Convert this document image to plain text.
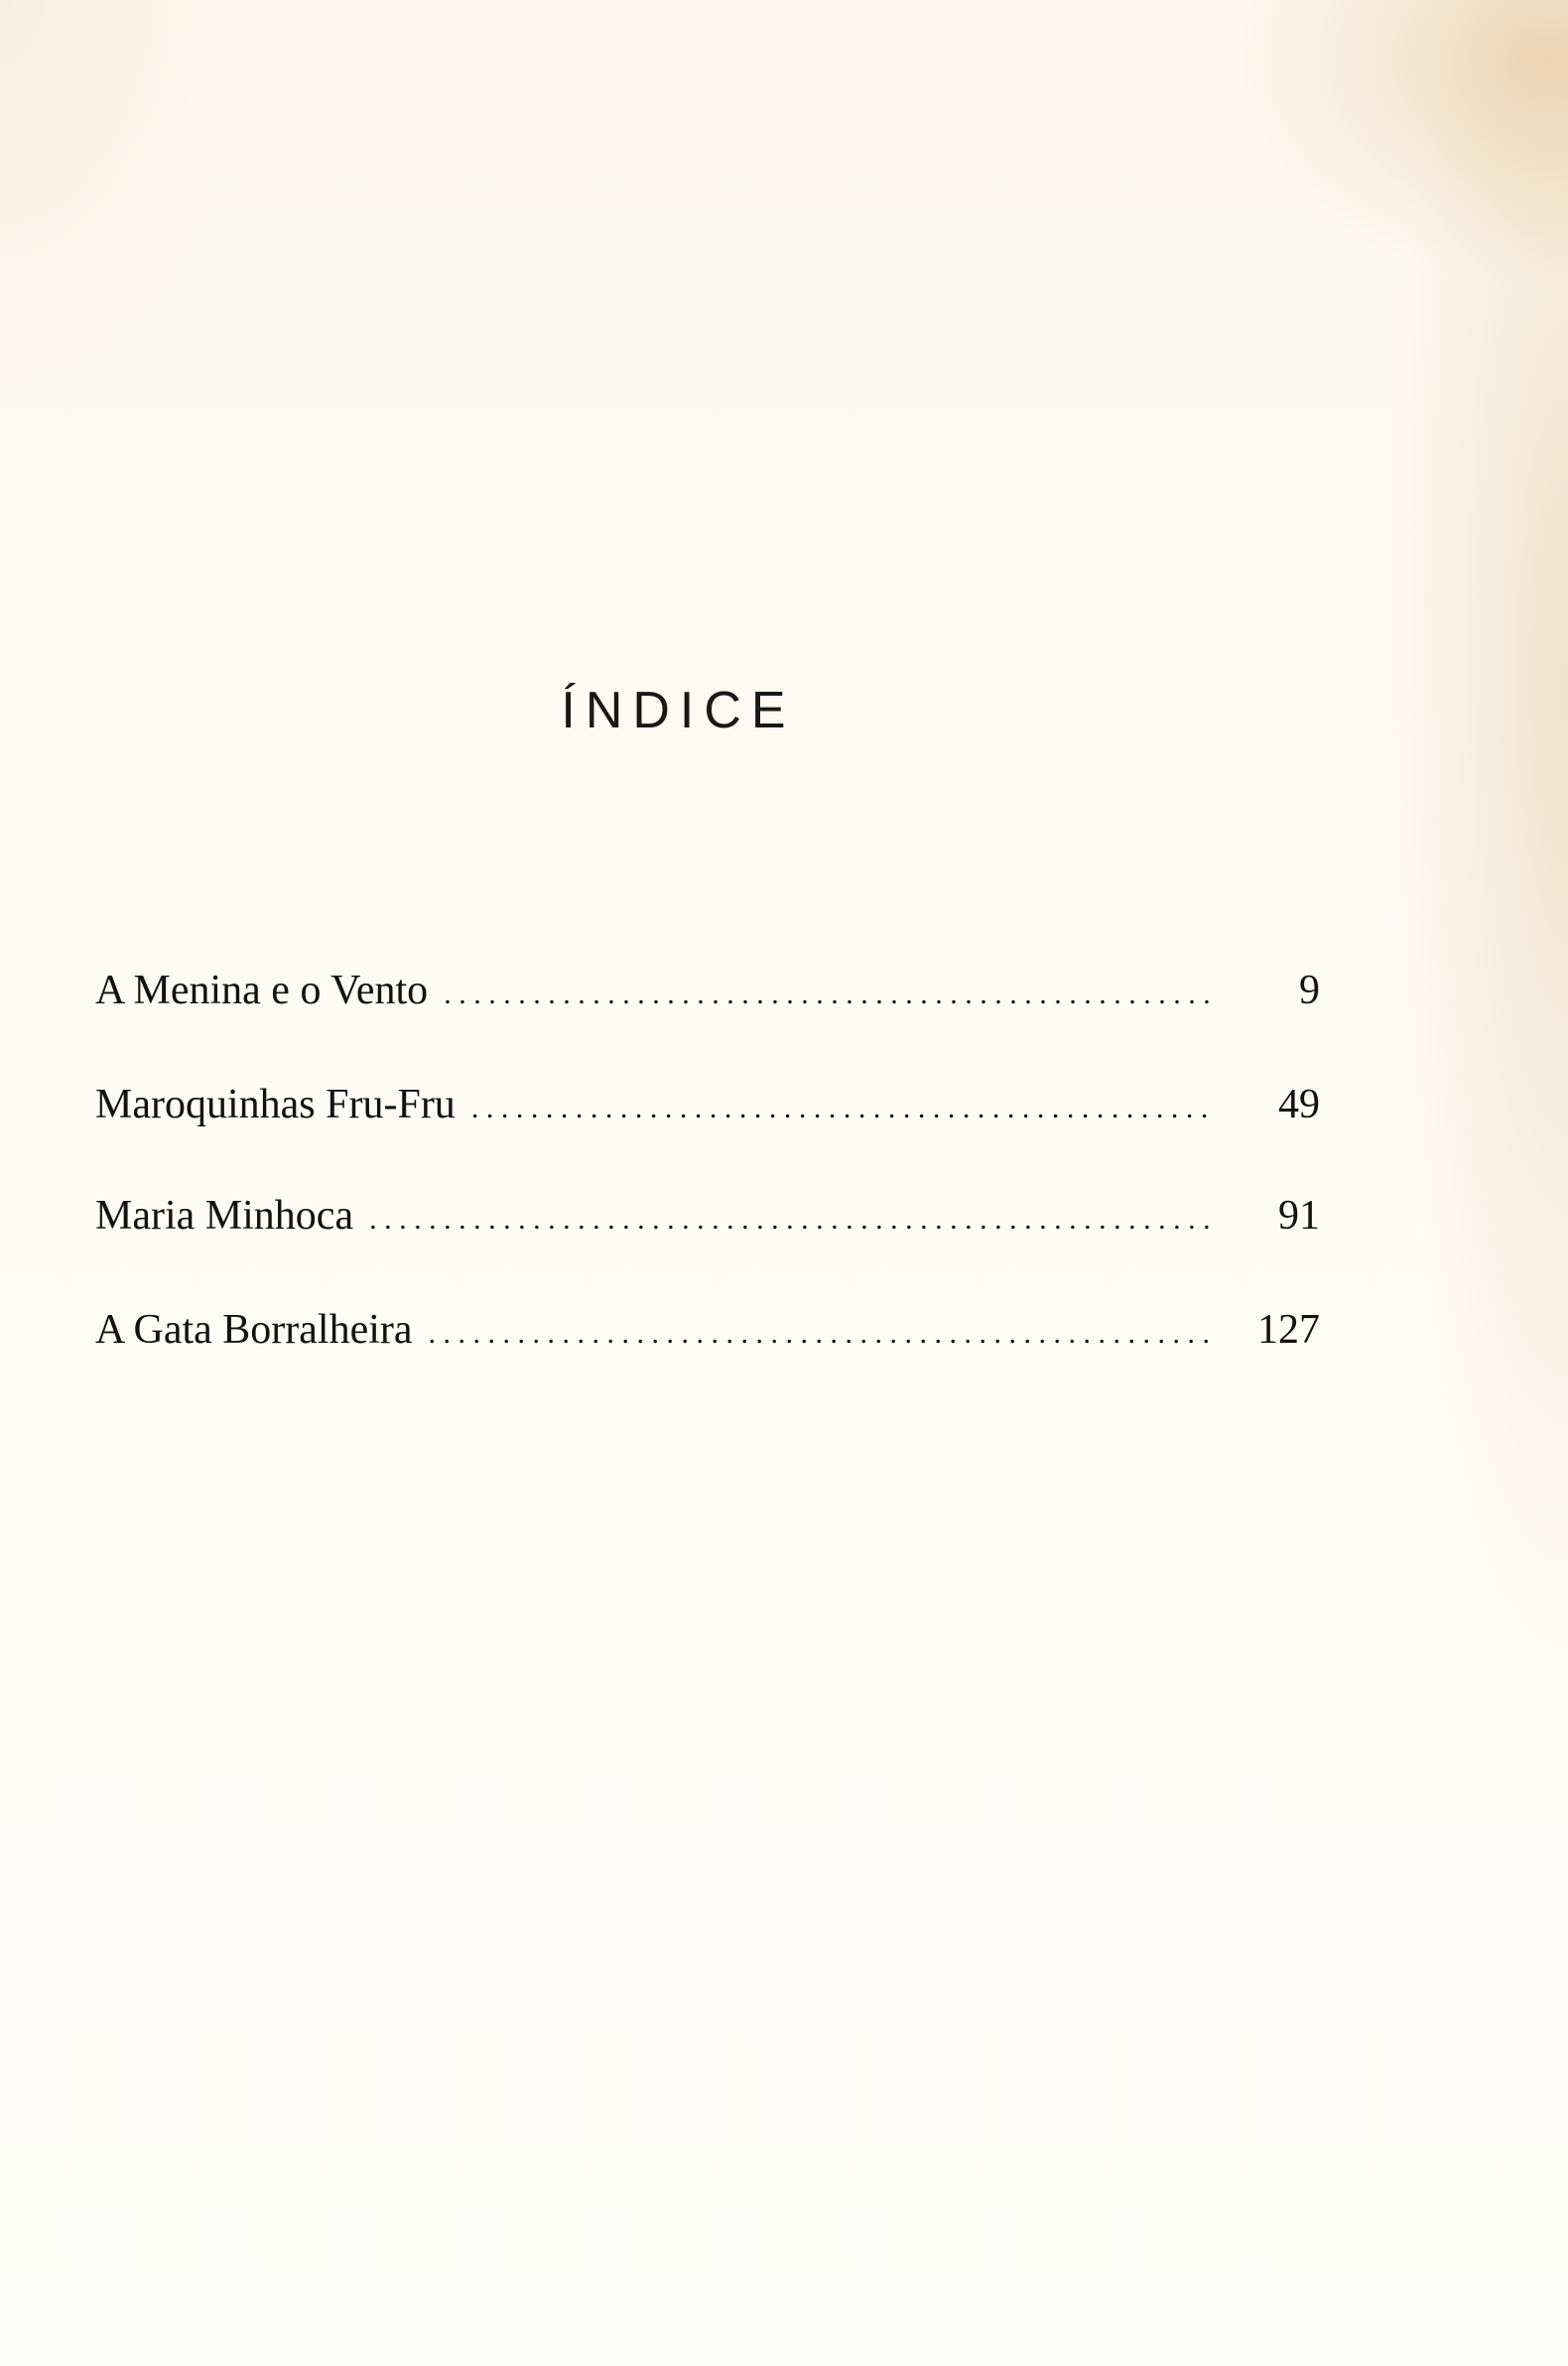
ÍNDICE
A Menina e o Vento . . .	9
Maroquinhas Fru-Fru . . .	49
Maria Minhoca . . .	91
A Gata Borralheira . . .	127
